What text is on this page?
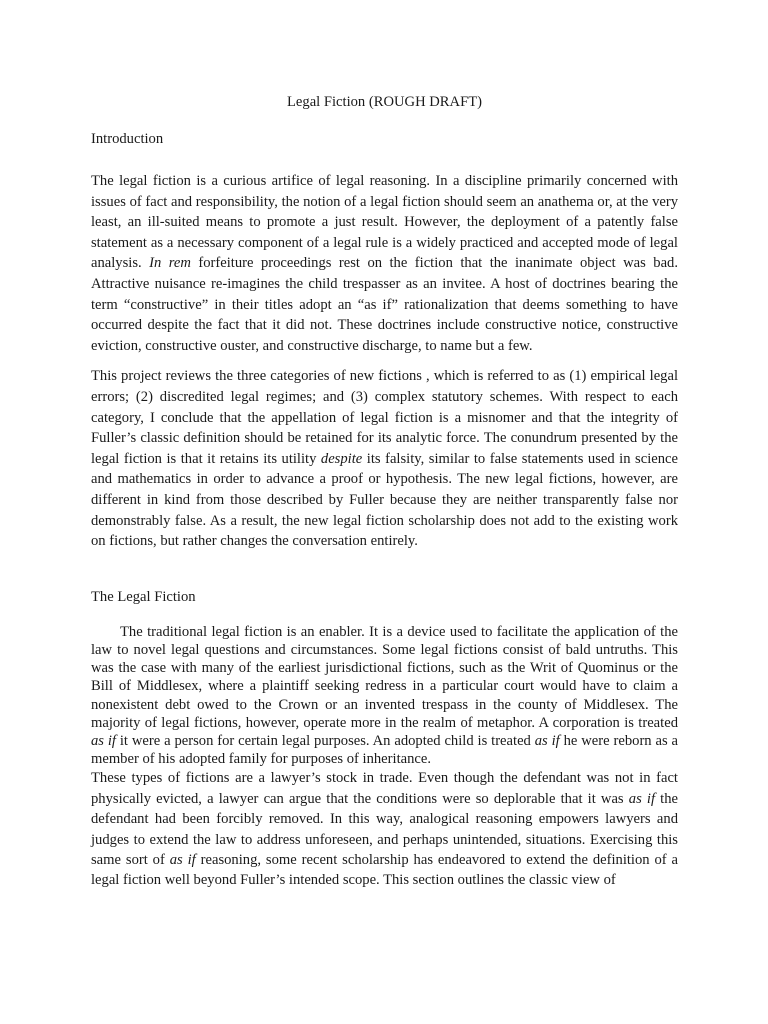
Legal Fiction (ROUGH DRAFT)
Introduction

The legal fiction is a curious artifice of legal reasoning. In a discipline primarily concerned with issues of fact and responsibility, the notion of a legal fiction should seem an anathema or, at the very least, an ill-suited means to promote a just result. However, the deployment of a patently false statement as a necessary component of a legal rule is a widely practiced and accepted mode of legal analysis. In rem forfeiture proceedings rest on the fiction that the inanimate object was bad. Attractive nuisance re-imagines the child trespasser as an invitee. A host of doctrines bearing the term “constructive” in their titles adopt an “as if” rationalization that deems something to have occurred despite the fact that it did not. These doctrines include constructive notice, constructive eviction, constructive ouster, and constructive discharge, to name but a few.

This project reviews the three categories of new fictions , which is referred to as (1) empirical legal errors; (2) discredited legal regimes; and (3) complex statutory schemes. With respect to each category, I conclude that the appellation of legal fiction is a misnomer and that the integrity of Fuller’s classic definition should be retained for its analytic force. The conundrum presented by the legal fiction is that it retains its utility despite its falsity, similar to false statements used in science and mathematics in order to advance a proof or hypothesis. The new legal fictions, however, are different in kind from those described by Fuller because they are neither transparently false nor demonstrably false. As a result, the new legal fiction scholarship does not add to the existing work on fictions, but rather changes the conversation entirely.

The Legal Fiction

The traditional legal fiction is an enabler. It is a device used to facilitate the application of the law to novel legal questions and circumstances. Some legal fictions consist of bald untruths. This was the case with many of the earliest jurisdictional fictions, such as the Writ of Quominus or the Bill of Middlesex, where a plaintiff seeking redress in a particular court would have to claim a nonexistent debt owed to the Crown or an invented trespass in the county of Middlesex. The majority of legal fictions, however, operate more in the realm of metaphor. A corporation is treated as if it were a person for certain legal purposes. An adopted child is treated as if he were reborn as a member of his adopted family for purposes of inheritance.

These types of fictions are a lawyer’s stock in trade. Even though the defendant was not in fact physically evicted, a lawyer can argue that the conditions were so deplorable that it was as if the defendant had been forcibly removed. In this way, analogical reasoning empowers lawyers and judges to extend the law to address unforeseen, and perhaps unintended, situations. Exercising this same sort of as if reasoning, some recent scholarship has endeavored to extend the definition of a legal fiction well beyond Fuller’s intended scope. This section outlines the classic view of
